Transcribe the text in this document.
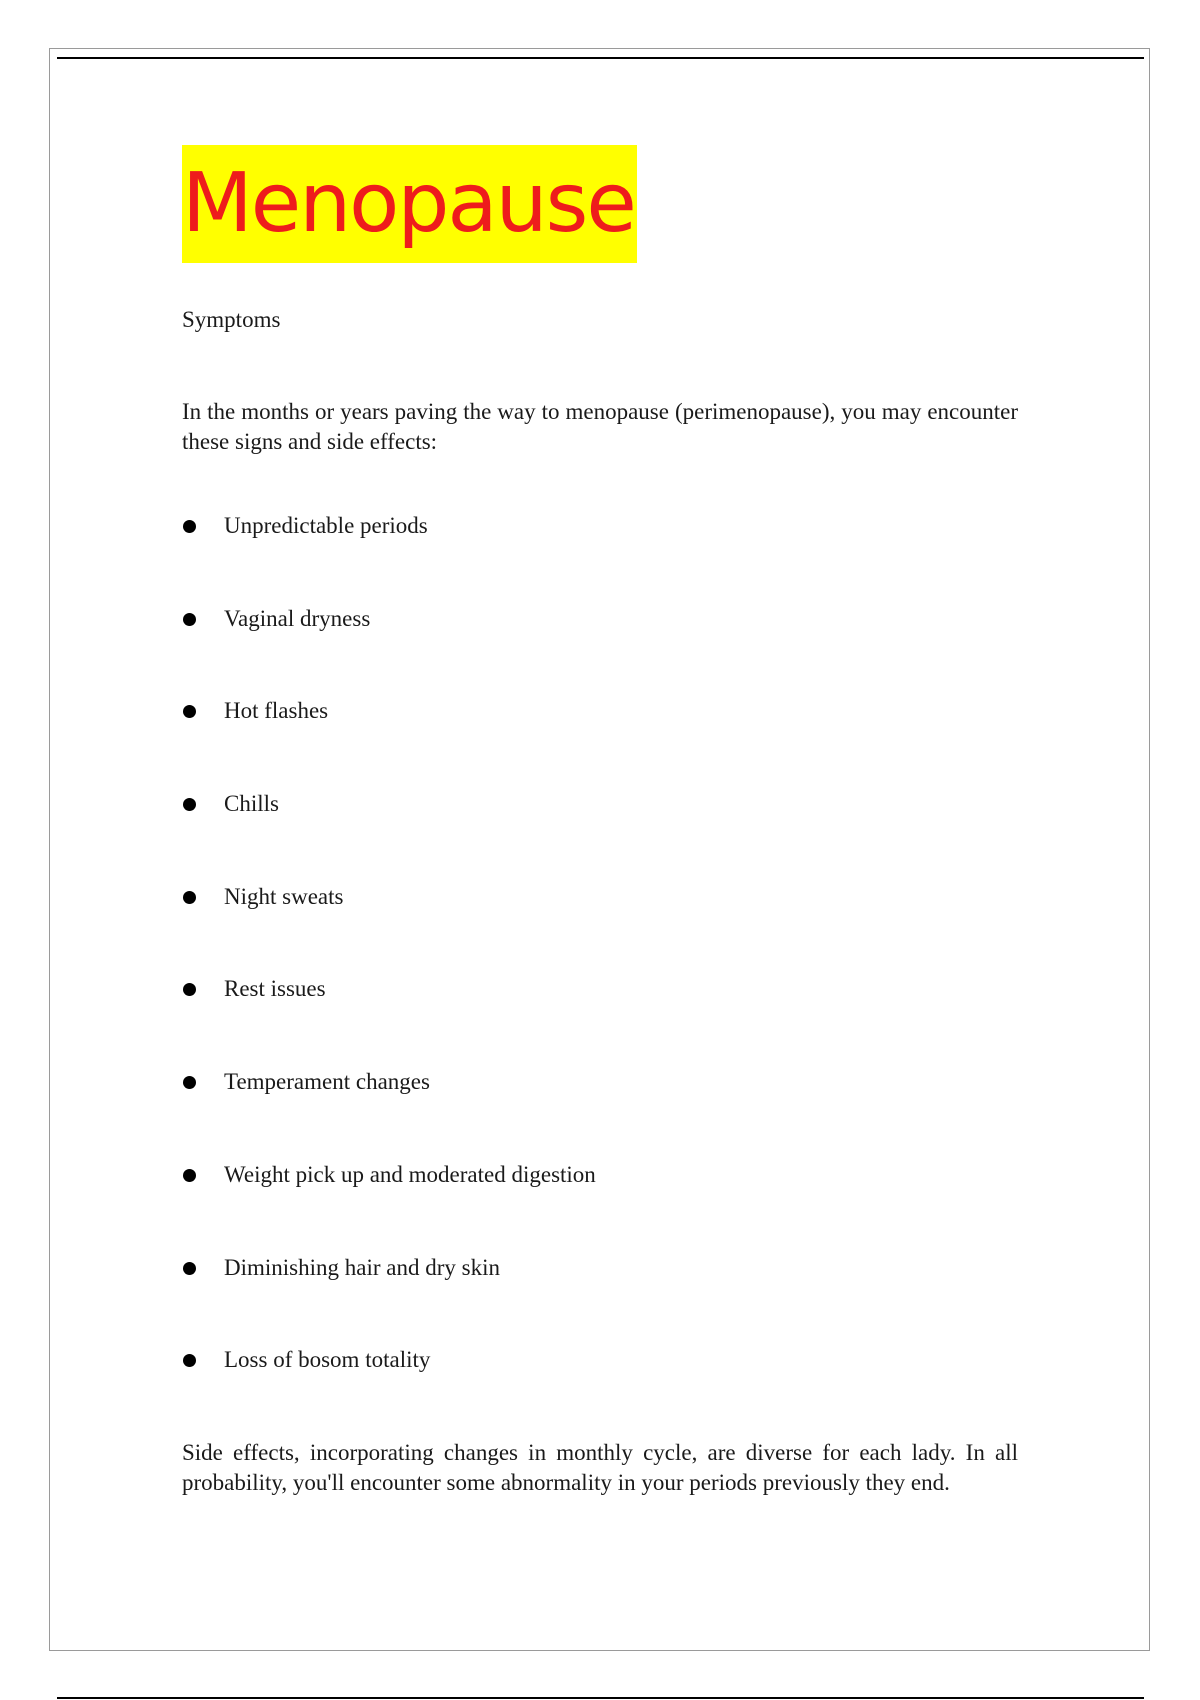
Menopause
Symptoms
In the months or years paving the way to menopause (perimenopause), you may encounter these signs and side effects:
Unpredictable periods
Vaginal dryness
Hot flashes
Chills
Night sweats
Rest issues
Temperament changes
Weight pick up and moderated digestion
Diminishing hair and dry skin
Loss of bosom totality
Side effects, incorporating changes in monthly cycle, are diverse for each lady. In all probability, you'll encounter some abnormality in your periods previously they end.
